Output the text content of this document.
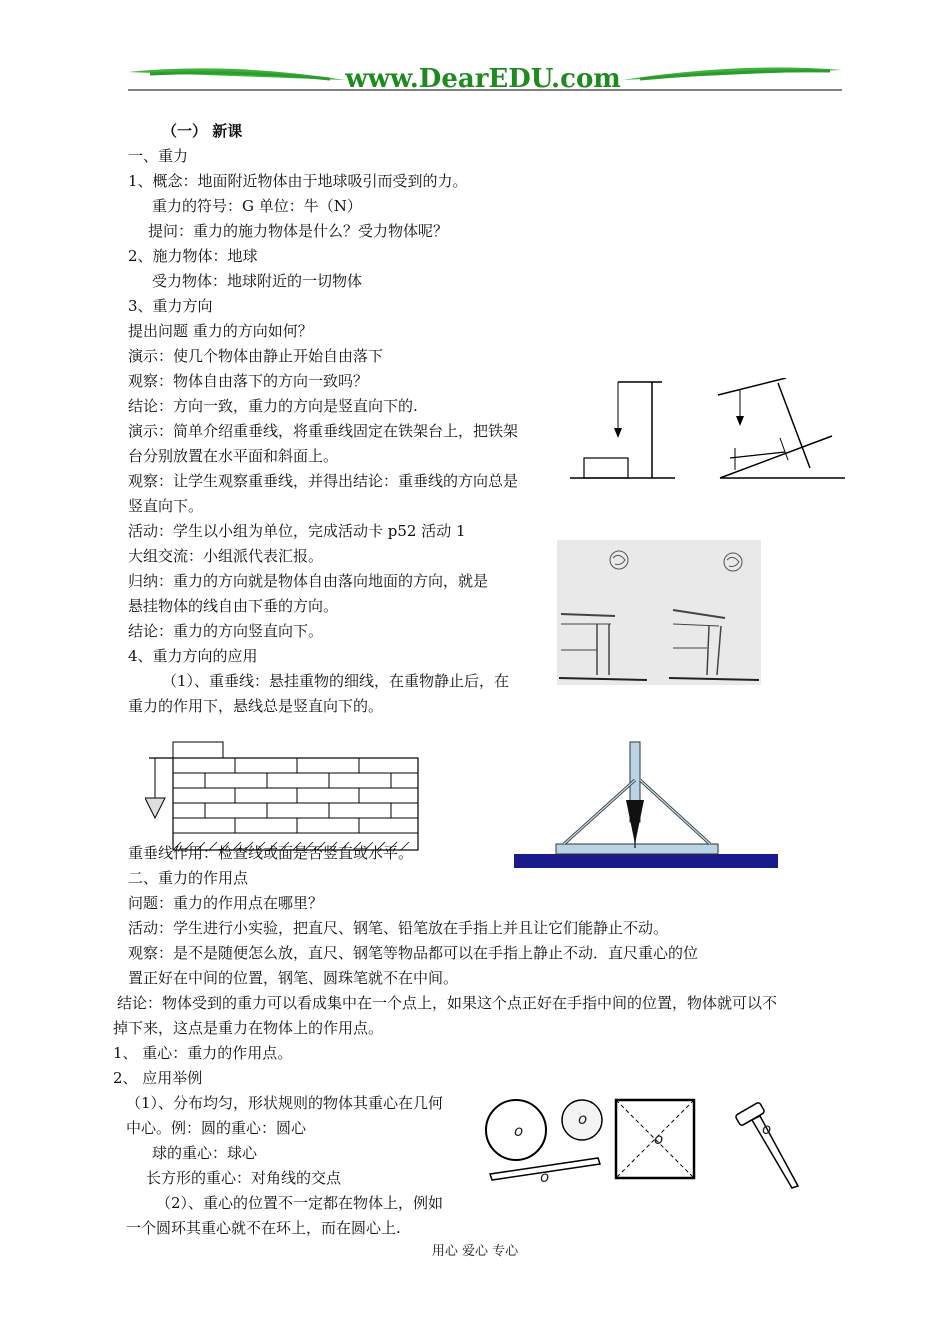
www.DearEDU.com
（一） 新课
一、重力
1、概念：地面附近物体由于地球吸引而受到的力。
重力的符号：G 单位：牛（N）
提问：重力的施力物体是什么？受力物体呢？
2、施力物体：地球
受力物体：地球附近的一切物体
3、重力方向
提出问题 重力的方向如何？
演示：使几个物体由静止开始自由落下
观察：物体自由落下的方向一致吗？
结论：方向一致，重力的方向是竖直向下的.
演示：简单介绍重垂线，将重垂线固定在铁架台上，把铁架
台分别放置在水平面和斜面上。
观察：让学生观察重垂线，并得出结论：重垂线的方向总是
竖直向下。
活动：学生以小组为单位，完成活动卡 p52 活动 1
大组交流：小组派代表汇报。
归纳：重力的方向就是物体自由落向地面的方向，就是
悬挂物体的线自由下垂的方向。
结论：重力的方向竖直向下。
4、重力方向的应用
（1）、重垂线：悬挂重物的细线，在重物静止后，在
重力的作用下，悬线总是竖直向下的。
重垂线作用：检查线或面是否竖直或水平。
二、重力的作用点
问题：重力的作用点在哪里？
活动：学生进行小实验，把直尺、钢笔、铅笔放在手指上并且让它们能静止不动。
观察：是不是随便怎么放，直尺、钢笔等物品都可以在手指上静止不动．直尺重心的位
置正好在中间的位置，钢笔、圆珠笔就不在中间。
结论：物体受到的重力可以看成集中在一个点上，如果这个点正好在手指中间的位置，物体就可以不
掉下来，这点是重力在物体上的作用点。
1、 重心：重力的作用点。
2、 应用举例
（1）、分布均匀，形状规则的物体其重心在几何
中心。例：圆的重心：圆心
球的重心：球心
长方形的重心：对角线的交点
（2）、重心的位置不一定都在物体上，例如
一个圆环其重心就不在环上，而在圆心上.
o
o
o
o
o
用心 爱心 专心
